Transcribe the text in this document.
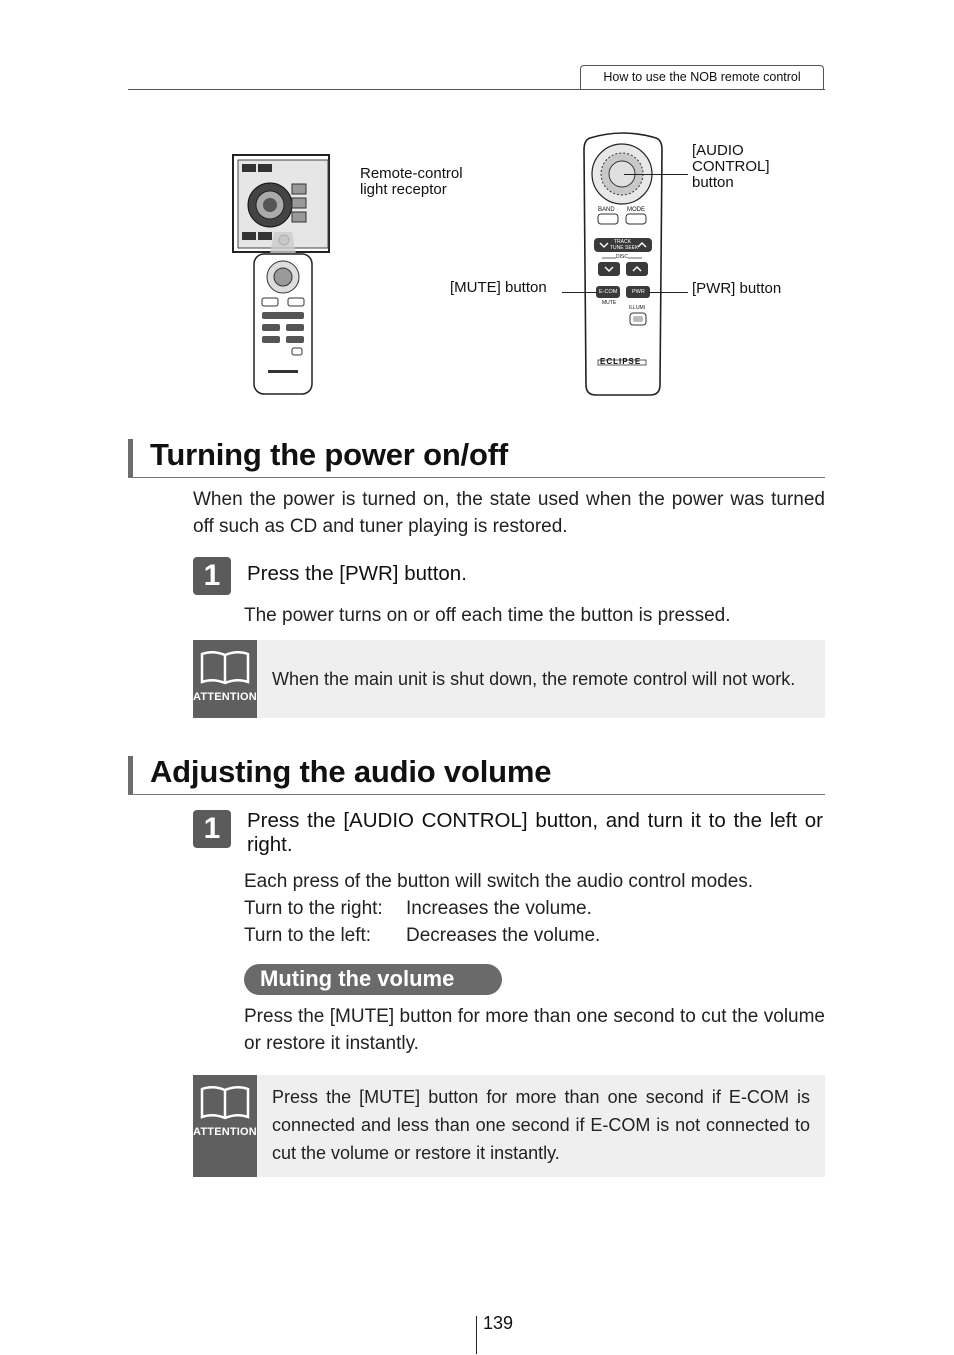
How to use the NOB remote control
Remote-control
light receptor
BAND MODE
TRACK
TUNE SEEK
DISC
E-COM	PWR
MUTE
ILLUMI
ECLIPSE
[AUDIO
CONTROL]
button
[MUTE] button	[PWR] button
Turning the power on/off
When the power is turned on, the state used when the power was turned off such as CD and tuner playing is restored.
1	Press the [PWR] button.
The power turns on or off each time the button is pressed.
ATTENTION
When the main unit is shut down, the remote control will not work.
Adjusting the audio volume
1	Press the [AUDIO CONTROL] button, and turn it to the left or right.
Each press of the button will switch the audio control modes.
Turn to the right: Increases the volume.
Turn to the left: Decreases the volume.
Muting the volume
Press the [MUTE] button for more than one second to cut the volume or restore it instantly.
ATTENTION
Press the [MUTE] button for more than one second if E-COM is connected and less than one second if E-COM is not connected to cut the volume or restore it instantly.
139
